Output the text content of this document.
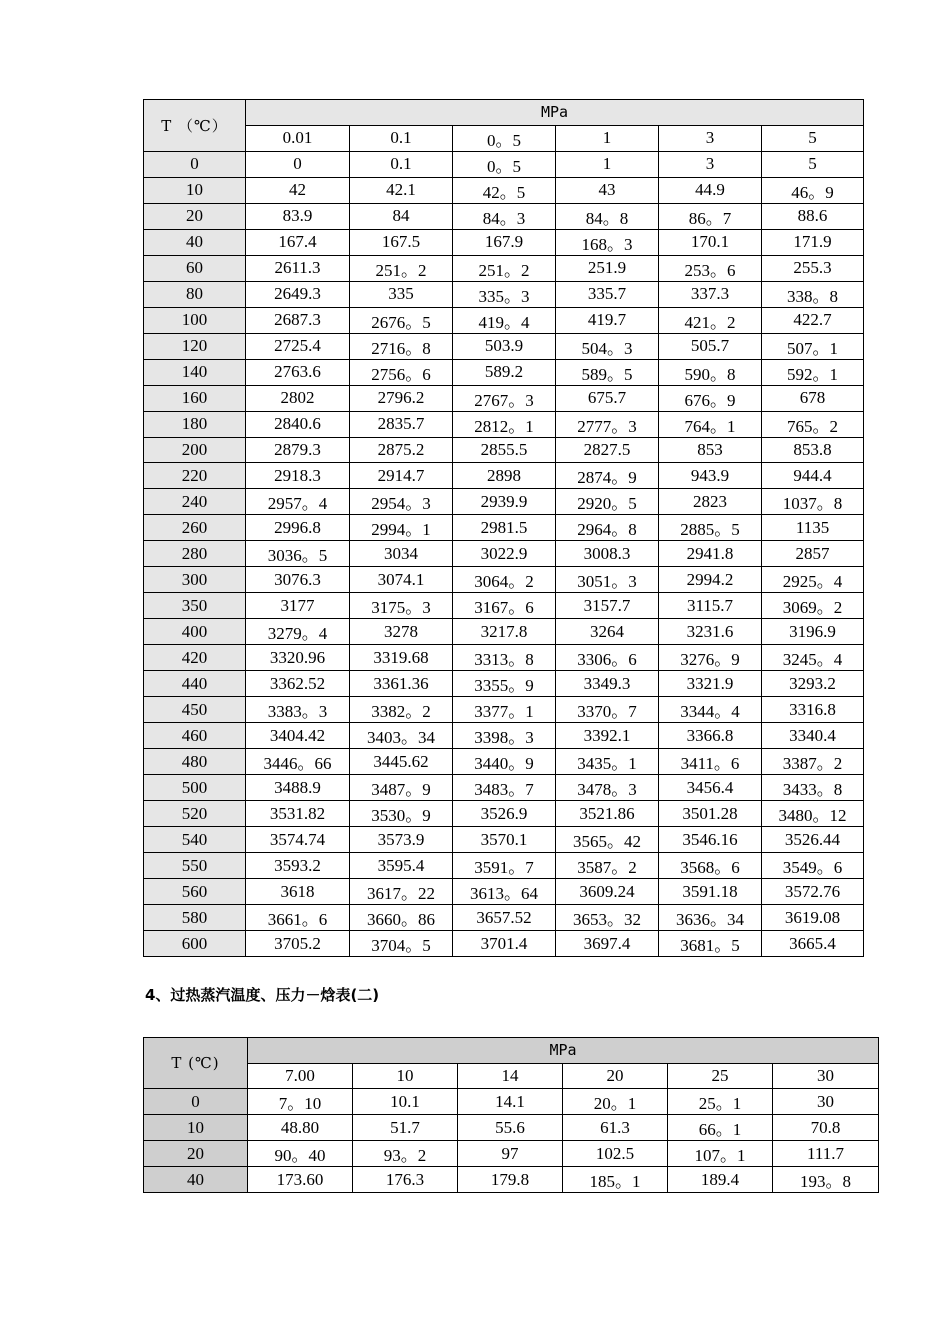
T （℃）	MPa					
	0.01	0.1	0。5	1	3	5
0	0	0.1	0。5	1	3	5
10	42	42.1	42。5	43	44.9	46。9
20	83.9	84	84。3	84。8	86。7	88.6
40	167.4	167.5	167.9	168。3	170.1	171.9
60	2611.3	251。2	251。2	251.9	253。6	255.3
80	2649.3	335	335。3	335.7	337.3	338。8
100	2687.3	2676。5	419。4	419.7	421。2	422.7
120	2725.4	2716。8	503.9	504。3	505.7	507。1
140	2763.6	2756。6	589.2	589。5	590。8	592。1
160	2802	2796.2	2767。3	675.7	676。9	678
180	2840.6	2835.7	2812。1	2777。3	764。1	765。2
200	2879.3	2875.2	2855.5	2827.5	853	853.8
220	2918.3	2914.7	2898	2874。9	943.9	944.4
240	2957。4	2954。3	2939.9	2920。5	2823	1037。8
260	2996.8	2994。1	2981.5	2964。8	2885。5	1135
280	3036。5	3034	3022.9	3008.3	2941.8	2857
300	3076.3	3074.1	3064。2	3051。3	2994.2	2925。4
350	3177	3175。3	3167。6	3157.7	3115.7	3069。2
400	3279。4	3278	3217.8	3264	3231.6	3196.9
420	3320.96	3319.68	3313。8	3306。6	3276。9	3245。4
440	3362.52	3361.36	3355。9	3349.3	3321.9	3293.2
450	3383。3	3382。2	3377。1	3370。7	3344。4	3316.8
460	3404.42	3403。34	3398。3	3392.1	3366.8	3340.4
480	3446。66	3445.62	3440。9	3435。1	3411。6	3387。2
500	3488.9	3487。9	3483。7	3478。3	3456.4	3433。8
520	3531.82	3530。9	3526.9	3521.86	3501.28	3480。12
540	3574.74	3573.9	3570.1	3565。42	3546.16	3526.44
550	3593.2	3595.4	3591。7	3587。2	3568。6	3549。6
560	3618	3617。22	3613。64	3609.24	3591.18	3572.76
580	3661。6	3660。86	3657.52	3653。32	3636。34	3619.08
600	3705.2	3704。5	3701.4	3697.4	3681。5	3665.4
4、过热蒸汽温度、压力－焓表(二)
T (℃)	MPa					
	7.00	10	14	20	25	30
0	7。10	10.1	14.1	20。1	25。1	30
10	48.80	51.7	55.6	61.3	66。1	70.8
20	90。40	93。2	97	102.5	107。1	111.7
40	173.60	176.3	179.8	185。1	189.4	193。8
